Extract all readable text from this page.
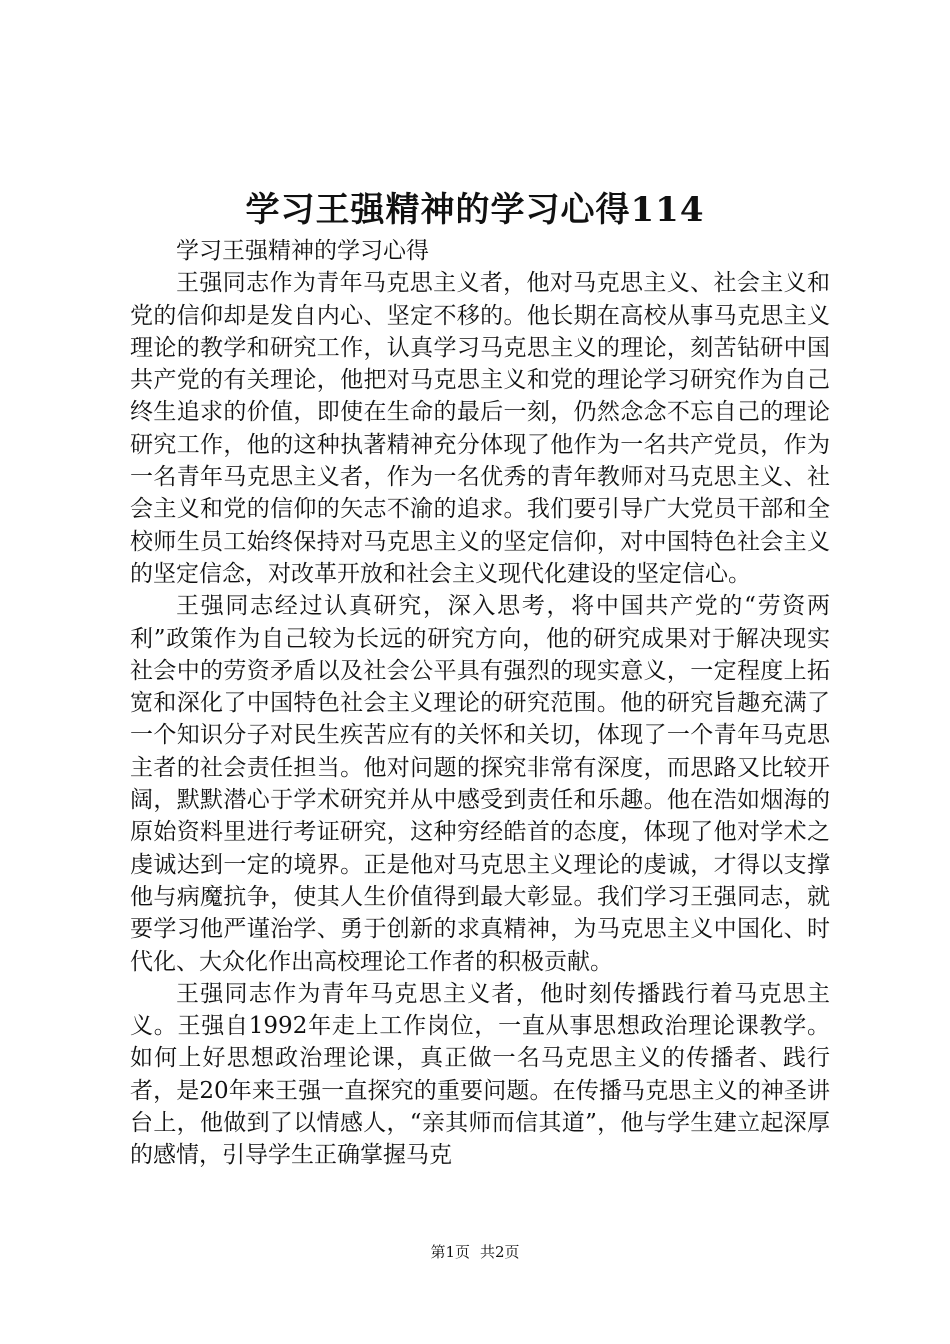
学习王强精神的学习心得114
学习王强精神的学习心得

王强同志作为青年马克思主义者，他对马克思主义、社会主义和党的信仰却是发自内心、坚定不移的。他长期在高校从事马克思主义理论的教学和研究工作，认真学习马克思主义的理论，刻苦钻研中国共产党的有关理论，他把对马克思主义和党的理论学习研究作为自己终生追求的价值，即使在生命的最后一刻，仍然念念不忘自己的理论研究工作，他的这种执著精神充分体现了他作为一名共产党员，作为一名青年马克思主义者，作为一名优秀的青年教师对马克思主义、社会主义和党的信仰的矢志不渝的追求。我们要引导广大党员干部和全校师生员工始终保持对马克思主义的坚定信仰，对中国特色社会主义的坚定信念，对改革开放和社会主义现代化建设的坚定信心。

王强同志经过认真研究，深入思考，将中国共产党的“劳资两利”政策作为自己较为长远的研究方向，他的研究成果对于解决现实社会中的劳资矛盾以及社会公平具有强烈的现实意义，一定程度上拓宽和深化了中国特色社会主义理论的研究范围。他的研究旨趣充满了一个知识分子对民生疾苦应有的关怀和关切，体现了一个青年马克思主者的社会责任担当。他对问题的探究非常有深度，而思路又比较开阔，默默潜心于学术研究并从中感受到责任和乐趣。他在浩如烟海的原始资料里进行考证研究，这种穷经皓首的态度，体现了他对学术之虔诚达到一定的境界。正是他对马克思主义理论的虔诚，才得以支撑他与病魔抗争，使其人生价值得到最大彰显。我们学习王强同志，就要学习他严谨治学、勇于创新的求真精神，为马克思主义中国化、时代化、大众化作出高校理论工作者的积极贡献。

王强同志作为青年马克思主义者，他时刻传播践行着马克思主义。王强自1992年走上工作岗位，一直从事思想政治理论课教学。如何上好思想政治理论课，真正做一名马克思主义的传播者、践行者，是20年来王强一直探究的重要问题。在传播马克思主义的神圣讲台上，他做到了以情感人，“亲其师而信其道”，他与学生建立起深厚的感情，引导学生正确掌握马克

第1页 共2页
